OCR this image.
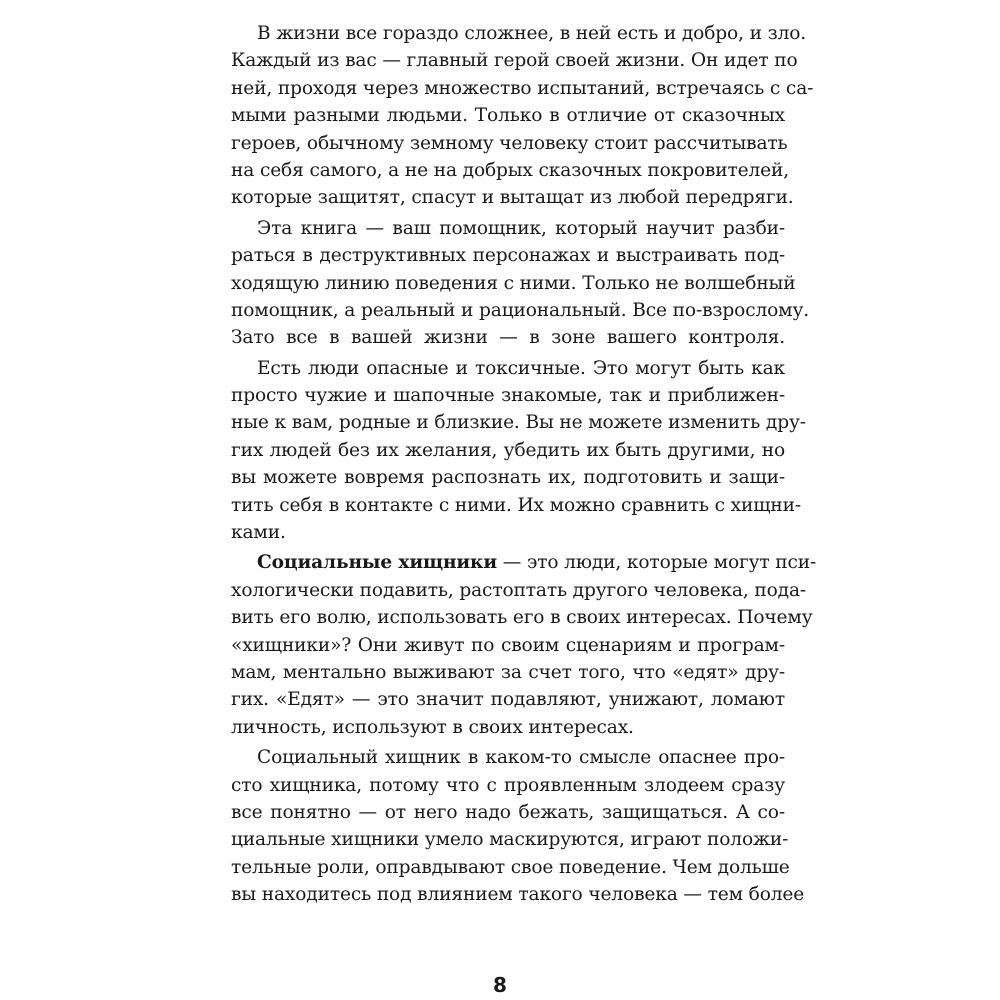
В жизни все гораздо сложнее, в ней есть и добро, и зло.
Каждый из вас — главный герой своей жизни. Он идет по
ней, проходя через множество испытаний, встречаясь с са-
мыми разными людьми. Только в отличие от сказочных
героев, обычному земному человеку стоит рассчитывать
на себя самого, а не на добрых сказочных покровителей,
которые защитят, спасут и вытащат из любой передряги.
Эта книга — ваш помощник, который научит разби-
раться в деструктивных персонажах и выстраивать под-
ходящую линию поведения с ними. Только не волшебный
помощник, а реальный и рациональный. Все по-взрослому.
Зато все в вашей жизни — в зоне вашего контроля.
Есть люди опасные и токсичные. Это могут быть как
просто чужие и шапочные знакомые, так и приближен-
ные к вам, родные и близкие. Вы не можете изменить дру-
гих людей без их желания, убедить их быть другими, но
вы можете вовремя распознать их, подготовить и защи-
тить себя в контакте с ними. Их можно сравнить с хищни-
ками.
Социальные хищники — это люди, которые могут пси-
хологически подавить, растоптать другого человека, пода-
вить его волю, использовать его в своих интересах. Почему
«хищники»? Они живут по своим сценариям и програм-
мам, ментально выживают за счет того, что «едят» дру-
гих. «Едят» — это значит подавляют, унижают, ломают
личность, используют в своих интересах.
Социальный хищник в каком-то смысле опаснее про-
сто хищника, потому что с проявленным злодеем сразу
все понятно — от него надо бежать, защищаться. А со-
циальные хищники умело маскируются, играют положи-
тельные роли, оправдывают свое поведение. Чем дольше
вы находитесь под влиянием такого человека — тем более
8
